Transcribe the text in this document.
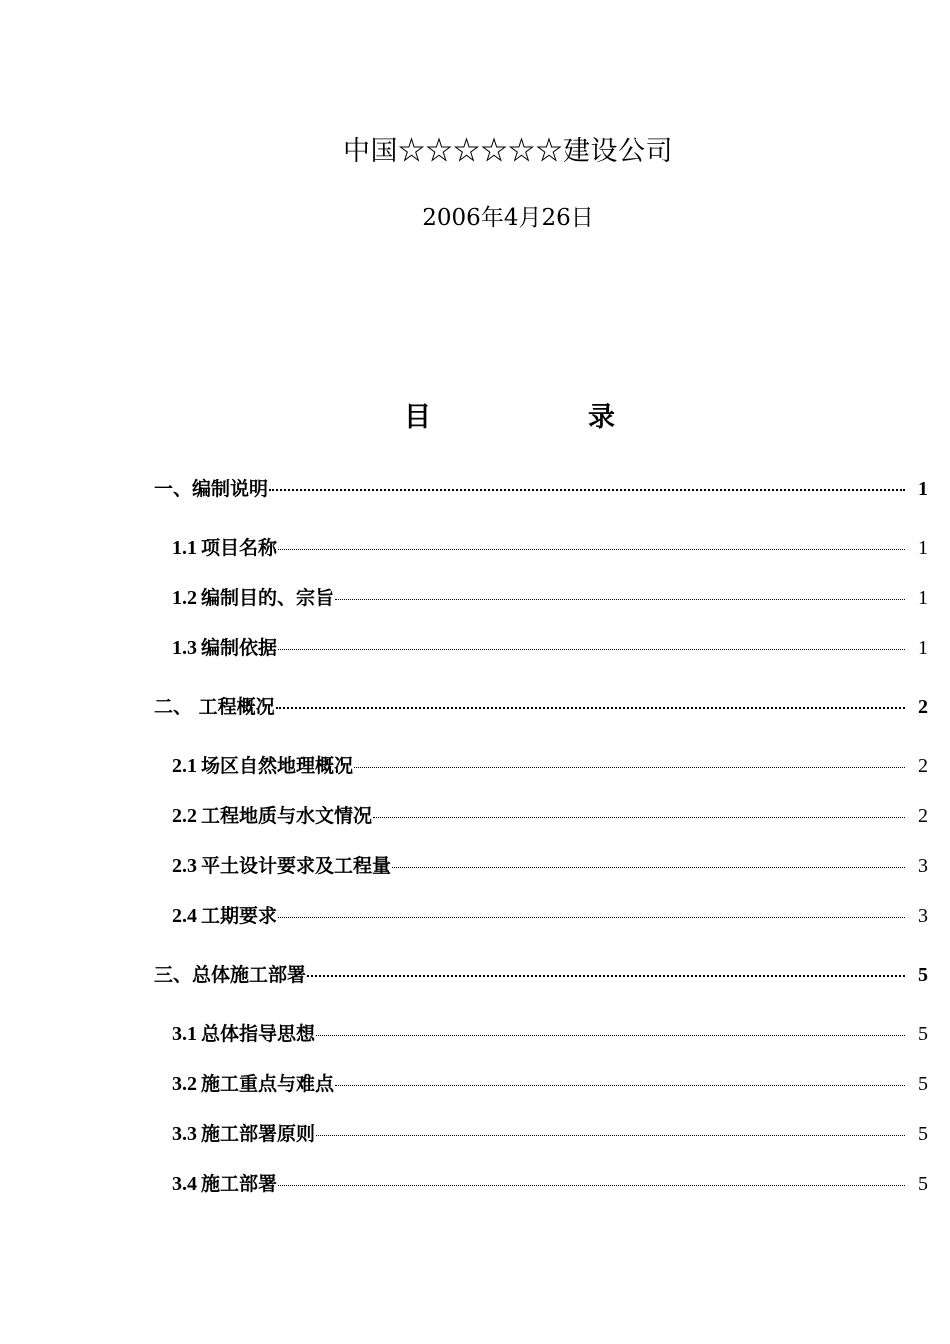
中国☆☆☆☆☆☆建设公司
2006年4月26日
目	录
一、编制说明	1
1.1 项目名称	1
1.2 编制目的、宗旨	1
1.3 编制依据	1
二、 工程概况	2
2.1 场区自然地理概况	2
2.2 工程地质与水文情况	2
2.3 平土设计要求及工程量	3
2.4 工期要求	3
三、总体施工部署	5
3.1 总体指导思想	5
3.2 施工重点与难点	5
3.3 施工部署原则	5
3.4 施工部署	5
